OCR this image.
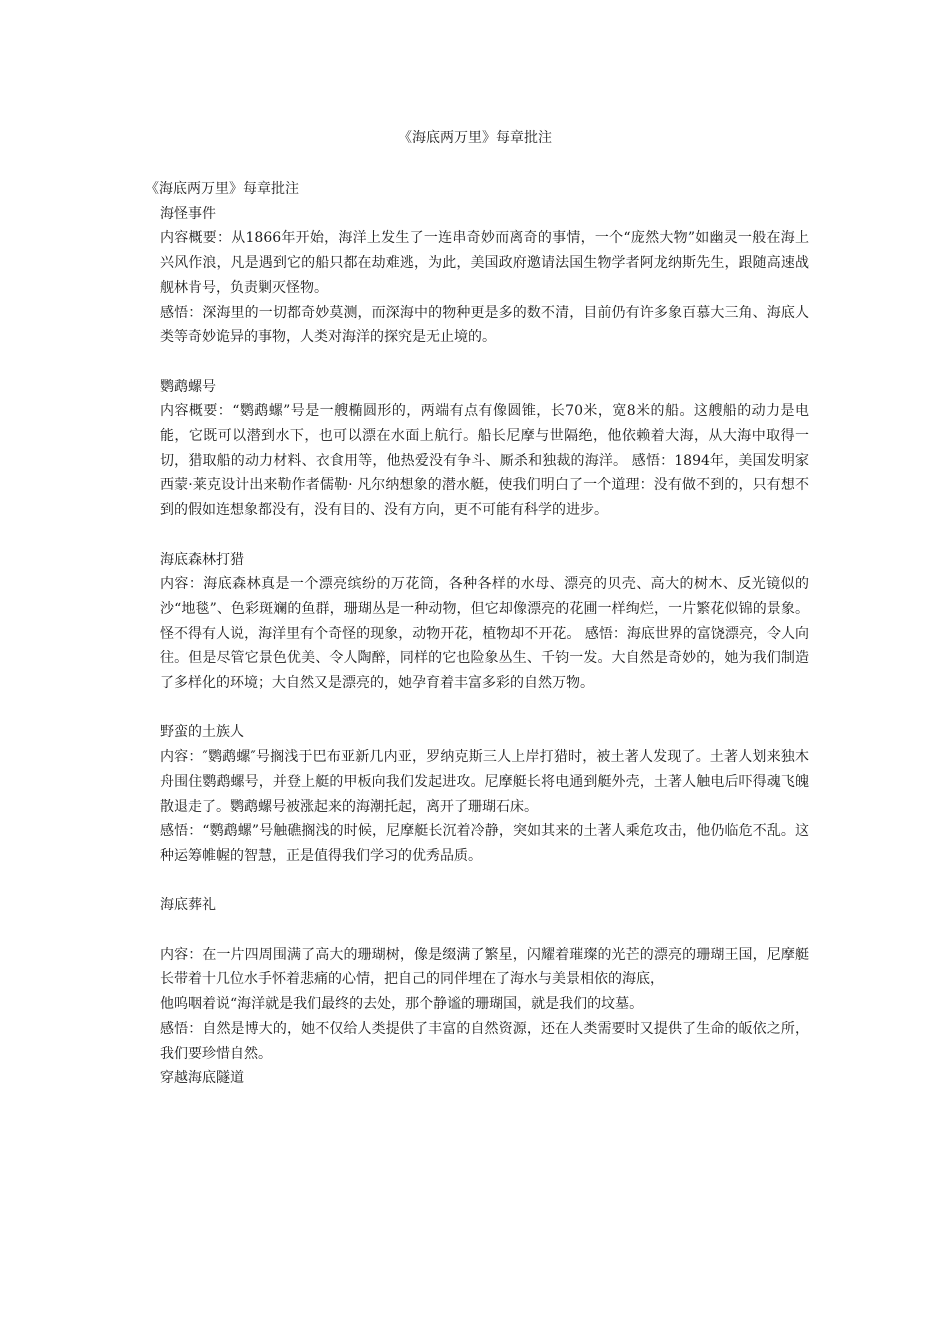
《海底两万里》每章批注

《海底两万里》每章批注

海怪事件

内容概要：从1866年开始，海洋上发生了一连串奇妙而离奇的事情，一个“庞然大物”如幽灵一般在海上兴风作浪，凡是遇到它的船只都在劫难逃，为此，美国政府邀请法国生物学者阿龙纳斯先生，跟随高速战舰林肯号，负责剿灭怪物。

感悟：深海里的一切都奇妙莫测，而深海中的物种更是多的数不清，目前仍有许多象百慕大三角、海底人类等奇妙诡异的事物，人类对海洋的探究是无止境的。

鹦鹉螺号

内容概要：“鹦鹉螺”号是一艘椭圆形的，两端有点有像圆锥，长70米，宽8米的船。这艘船的动力是电能，它既可以潜到水下，也可以漂在水面上航行。船长尼摩与世隔绝，他依赖着大海，从大海中取得一切，猎取船的动力材料、衣食用等，他热爱没有争斗、厮杀和独裁的海洋。 感悟：1894年，美国发明家西蒙·莱克设计出来勒作者儒勒· 凡尔纳想象的潜水艇，使我们明白了一个道理：没有做不到的，只有想不到的假如连想象都没有，没有目的、没有方向，更不可能有科学的进步。

海底森林打猎

内容：海底森林真是一个漂亮缤纷的万花筒，各种各样的水母、漂亮的贝壳、高大的树木、反光镜似的沙“地毯”、色彩斑斓的鱼群，珊瑚丛是一种动物，但它却像漂亮的花圃一样绚烂，一片繁花似锦的景象。怪不得有人说，海洋里有个奇怪的现象，动物开花，植物却不开花。 感悟：海底世界的富饶漂亮，令人向往。但是尽管它景色优美、令人陶醉，同样的它也险象丛生、千钧一发。大自然是奇妙的，她为我们制造了多样化的环境；大自然又是漂亮的，她孕育着丰富多彩的自然万物。

野蛮的土族人

内容：″鹦鹉螺″号搁浅于巴布亚新几内亚，罗纳克斯三人上岸打猎时，被土著人发现了。土著人划来独木舟围住鹦鹉螺号，并登上艇的甲板向我们发起进攻。尼摩艇长将电通到艇外壳，土著人触电后吓得魂飞魄散退走了。鹦鹉螺号被涨起来的海潮托起，离开了珊瑚石床。

感悟：“鹦鹉螺”号触礁搁浅的时候，尼摩艇长沉着冷静，突如其来的土著人乘危攻击，他仍临危不乱。这种运筹帷幄的智慧，正是值得我们学习的优秀品质。

海底葬礼

内容：在一片四周围满了高大的珊瑚树，像是缀满了繁星，闪耀着璀璨的光芒的漂亮的珊瑚王国，尼摩艇长带着十几位水手怀着悲痛的心情，把自己的同伴埋在了海水与美景相依的海底，

他呜咽着说“海洋就是我们最终的去处，那个静谧的珊瑚国，就是我们的坟墓。

感悟：自然是博大的，她不仅给人类提供了丰富的自然资源，还在人类需要时又提供了生命的皈依之所，我们要珍惜自然。

穿越海底隧道
